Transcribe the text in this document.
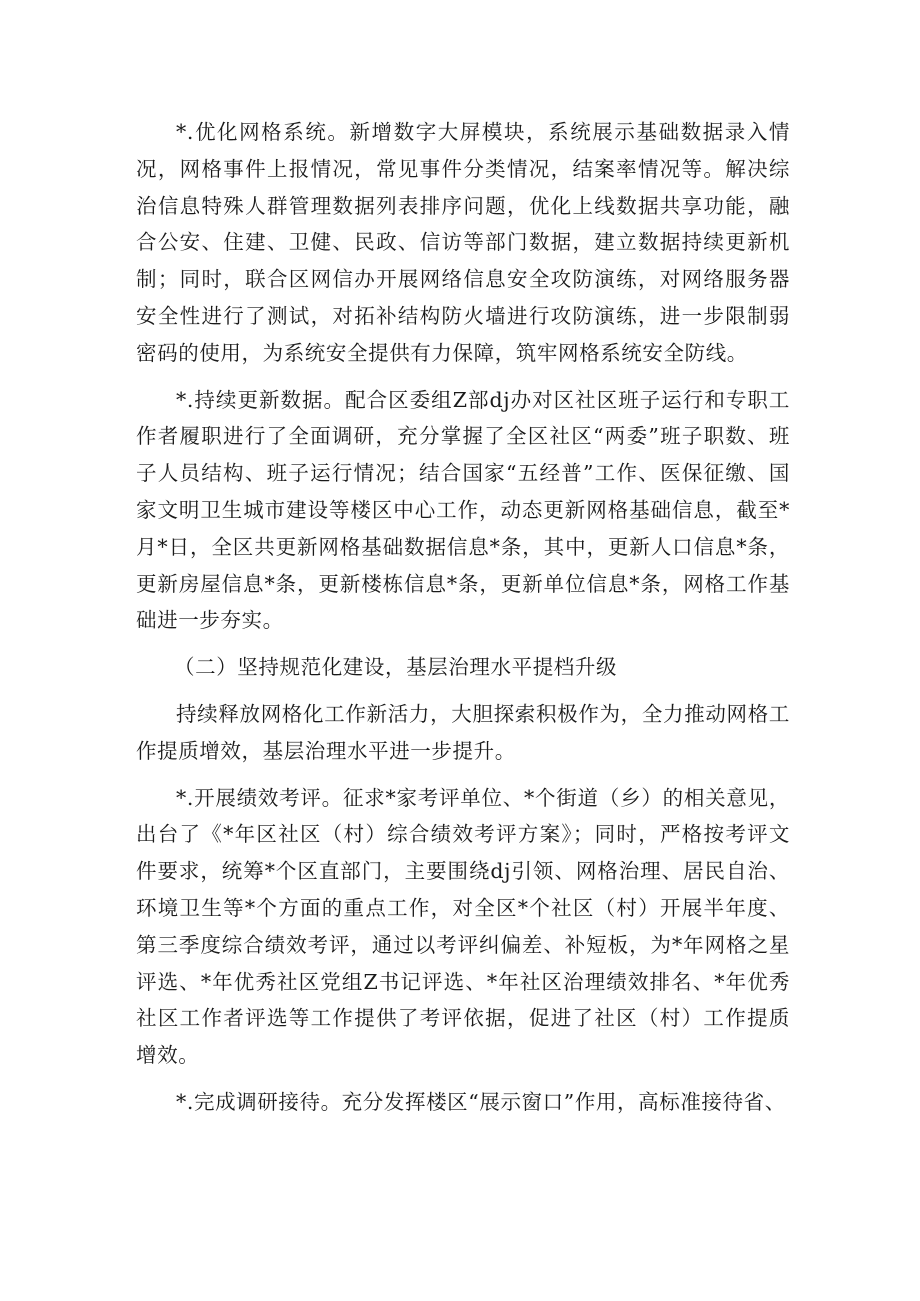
*.优化网格系统。新增数字大屏模块，系统展示基础数据录入情况，网格事件上报情况，常见事件分类情况，结案率情况等。解决综治信息特殊人群管理数据列表排序问题，优化上线数据共享功能，融合公安、住建、卫健、民政、信访等部门数据，建立数据持续更新机制；同时，联合区网信办开展网络信息安全攻防演练，对网络服务器安全性进行了测试，对拓补结构防火墙进行攻防演练，进一步限制弱密码的使用，为系统安全提供有力保障，筑牢网格系统安全防线。

*.持续更新数据。配合区委组Z部dj办对区社区班子运行和专职工作者履职进行了全面调研，充分掌握了全区社区“两委”班子职数、班子人员结构、班子运行情况；结合国家“五经普”工作、医保征缴、国家文明卫生城市建设等楼区中心工作，动态更新网格基础信息，截至*月*日，全区共更新网格基础数据信息*条，其中，更新人口信息*条，更新房屋信息*条，更新楼栋信息*条，更新单位信息*条，网格工作基础进一步夯实。

（二）坚持规范化建设，基层治理水平提档升级

持续释放网格化工作新活力，大胆探索积极作为，全力推动网格工作提质增效，基层治理水平进一步提升。

*.开展绩效考评。征求*家考评单位、*个街道（乡）的相关意见，出台了《*年区社区（村）综合绩效考评方案》；同时，严格按考评文件要求，统筹*个区直部门，主要围绕dj引领、网格治理、居民自治、环境卫生等*个方面的重点工作，对全区*个社区（村）开展半年度、第三季度综合绩效考评，通过以考评纠偏差、补短板，为*年网格之星评选、*年优秀社区党组Z书记评选、*年社区治理绩效排名、*年优秀社区工作者评选等工作提供了考评依据，促进了社区（村）工作提质增效。

*.完成调研接待。充分发挥楼区“展示窗口”作用，高标准接待省、
